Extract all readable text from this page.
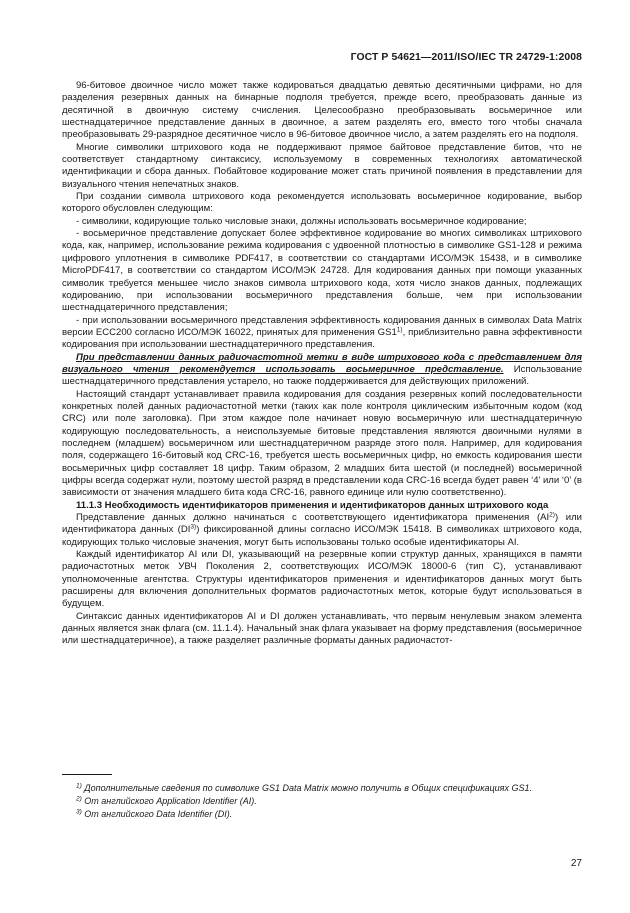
ГОСТ Р 54621—2011/ISO/IEC TR 24729-1:2008

96-битовое двоичное число может также кодироваться двадцатью девятью десятичными цифрами, но для разделения резервных данных на бинарные подполя требуется, прежде всего, преобразовать данные из десятичной в двоичную систему счисления. Целесообразно преобразовывать восьмеричное или шестнадцатеричное представление данных в двоичное, а затем разделять его, вместо того чтобы сначала преобразовывать 29-разрядное десятичное число в 96-битовое двоичное число, а затем разделять его на подполя.

Многие символики штрихового кода не поддерживают прямое байтовое представление битов, что не соответствует стандартному синтаксису, используемому в современных технологиях автоматической идентификации и сбора данных. Побайтовое кодирование может стать причиной появления в представлении для визуального чтения непечатных знаков.

При создании символа штрихового кода рекомендуется использовать восьмеричное кодирование, выбор которого обусловлен следующим:

- символики, кодирующие только числовые знаки, должны использовать восьмеричное кодирование;

- восьмеричное представление допускает более эффективное кодирование во многих символиках штрихового кода, как, например, использование режима кодирования с удвоенной плотностью в символике GS1-128 и режима цифрового уплотнения в символике PDF417, в соответствии со стандартами ИСО/МЭК 15438, и в символике MicroPDF417, в соответствии со стандартом ИСО/МЭК 24728. Для кодирования данных при помощи указанных символик требуется меньшее число знаков символа штрихового кода, хотя число знаков данных, подлежащих кодированию, при использовании восьмеричного представления больше, чем при использовании шестнадцатеричного представления;

- при использовании восьмеричного представления эффективность кодирования данных в символах Data Matrix версии ECC200 согласно ИСО/МЭК 16022, принятых для применения GS1$^{1)}$, приблизительно равна эффективности кодирования при использовании шестнадцатеричного представления.

При представлении данных радиочастотной метки в виде штрихового кода с представлением для визуального чтения рекомендуется использовать восьмеричное представление. Использование шестнадцатеричного представления устарело, но также поддерживается для действующих приложений.

Настоящий стандарт устанавливает правила кодирования для создания резервных копий последовательности конкретных полей данных радиочастотной метки (таких как поле контроля циклическим избыточным кодом (код CRC) или поле заголовка). При этом каждое поле начинает новую восьмеричную или шестнадцатеричную кодирующую последовательность, а неиспользуемые битовые представления являются двоичными нулями в последнем (младшем) восьмеричном или шестнадцатеричном разряде этого поля. Например, для кодирования поля, содержащего 16-битовый код CRC-16, требуется шесть восьмеричных цифр, но емкость кодирования шести восьмеричных цифр составляет 18 цифр. Таким образом, 2 младших бита шестой (и последней) восьмеричной цифры всегда содержат нули, поэтому шестой разряд в представлении кода CRC-16 всегда будет равен ‘4’ или ‘0’ (в зависимости от значения младшего бита кода CRC-16, равного единице или нулю соответственно).

11.1.3 Необходимость идентификаторов применения и идентификаторов данных штрихового кода

Представление данных должно начинаться с соответствующего идентификатора применения (AI$^{2)}$) или идентификатора данных (DI$^{3)}$) фиксированной длины согласно ИСО/МЭК 15418. В символиках штрихового кода, кодирующих только числовые значения, могут быть использованы только особые идентификаторы AI.

Каждый идентификатор AI или DI, указывающий на резервные копии структур данных, хранящихся в памяти радиочастотных меток УВЧ Поколения 2, соответствующих ИСО/МЭК 18000-6 (тип С), устанавливают уполномоченные агентства. Структуры идентификаторов применения и идентификаторов данных могут быть расширены для включения дополнительных форматов радиочастотных меток, которые будут использоваться в будущем.

Синтаксис данных идентификаторов AI и DI должен устанавливать, что первым ненулевым знаком элемента данных является знак флага (см. 11.1.4). Начальный знак флага указывает на форму представления (восьмеричное или шестнадцатеричное), а также разделяет различные форматы данных радиочастот-

$^{1)}$ Дополнительные сведения по символике GS1 Data Matrix можно получить в Общих спецификациях GS1.
$^{2)}$ От английского Application Identifier (AI).
$^{3)}$ От английского Data Identifier (DI).
27
